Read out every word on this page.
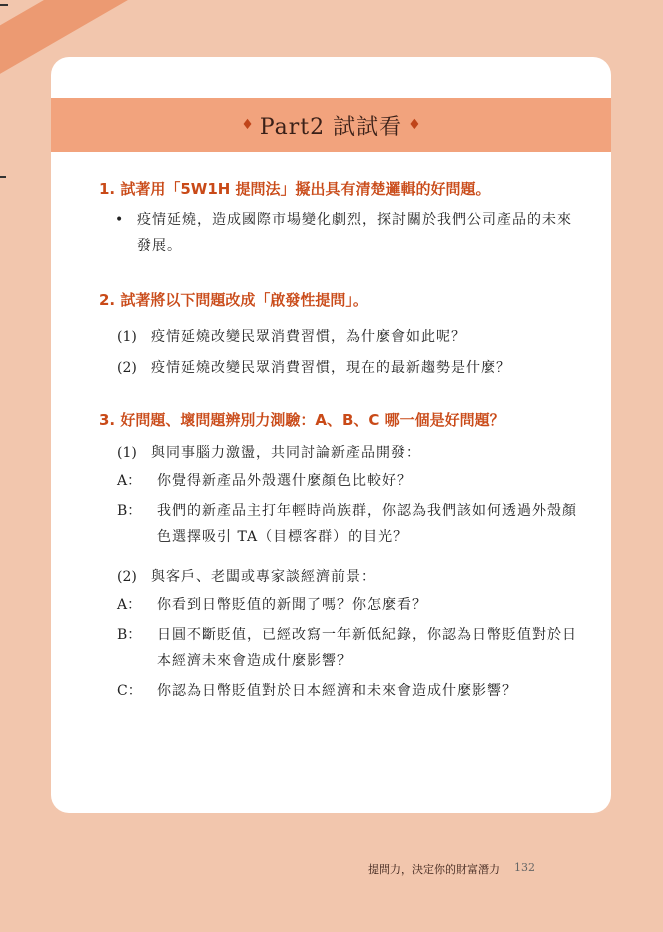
♦ Part2 試試看 ♦

1. 試著用「5W1H 提問法」擬出具有清楚邏輯的好問題。

• 疫情延燒，造成國際市場變化劇烈，探討關於我們公司產品的未來發展。

2. 試著將以下問題改成「啟發性提問」。

(1)	疫情延燒改變民眾消費習慣，為什麼會如此呢？
(2)	疫情延燒改變民眾消費習慣，現在的最新趨勢是什麼？

3. 好問題、壞問題辨別力測驗：A、B、C 哪一個是好問題？

(1)	與同事腦力激盪，共同討論新產品開發：
A：	你覺得新產品外殼選什麼顏色比較好？
B：	我們的新產品主打年輕時尚族群，你認為我們該如何透過外殼顏色選擇吸引 TA（目標客群）的目光？
(2)	與客戶、老闆或專家談經濟前景：
A：	你看到日幣貶值的新聞了嗎？你怎麼看？
B：	日圓不斷貶值，已經改寫一年新低紀錄，你認為日幣貶值對於日本經濟未來會造成什麼影響？
C：	你認為日幣貶值對於日本經濟和未來會造成什麼影響？
提問力，決定你的財富潛力 132
